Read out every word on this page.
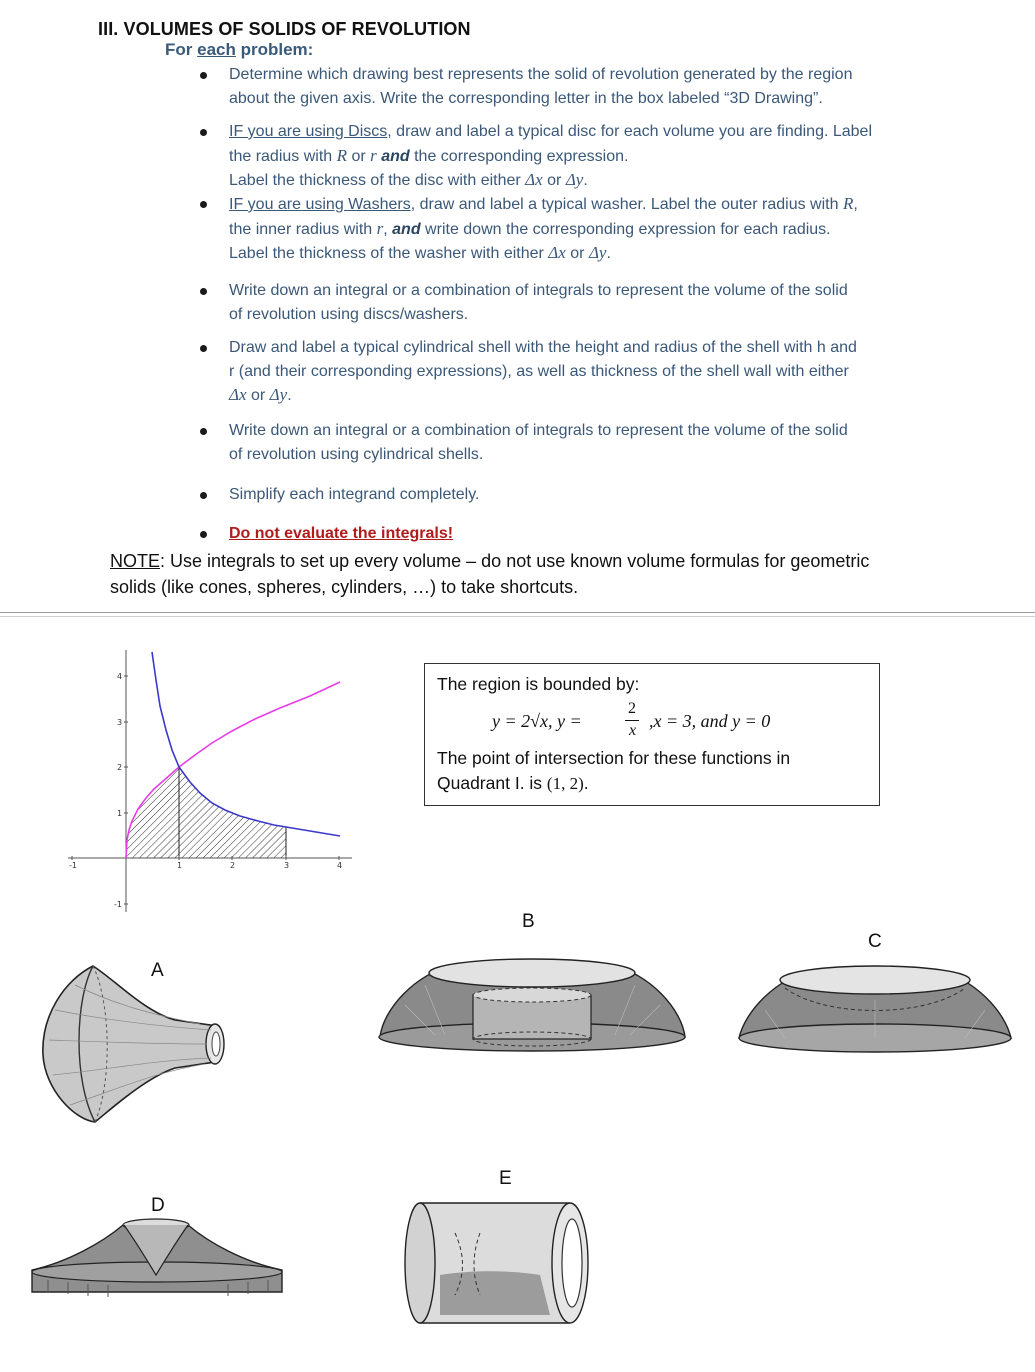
III. VOLUMES OF SOLIDS OF REVOLUTION
For each problem:
Determine which drawing best represents the solid of revolution generated by the region
about the given axis. Write the corresponding letter in the box labeled “3D Drawing”.
IF you are using Discs, draw and label a typical disc for each volume you are finding. Label
the radius with R or r and the corresponding expression.
Label the thickness of the disc with either Δx or Δy.
IF you are using Washers, draw and label a typical washer. Label the outer radius with R,
the inner radius with r, and write down the corresponding expression for each radius.
Label the thickness of the washer with either Δx or Δy.
Write down an integral or a combination of integrals to represent the volume of the solid
of revolution using discs/washers.
Draw and label a typical cylindrical shell with the height and radius of the shell with h and
r (and their corresponding expressions), as well as thickness of the shell wall with either
Δx or Δy.
Write down an integral or a combination of integrals to represent the volume of the solid
of revolution using cylindrical shells.
Simplify each integrand completely.
Do not evaluate the integrals!
NOTE: Use integrals to set up every volume – do not use known volume formulas for geometric
solids (like cones, spheres, cylinders, …) to take shortcuts.
-1	1	2	3	4
4
3
2
1
-1
The region is bounded by:
y = 2√x, y =
2
x ,x = 3, and y = 0
The point of intersection for these functions in
Quadrant I. is (1, 2).
A
B
C
D
E
